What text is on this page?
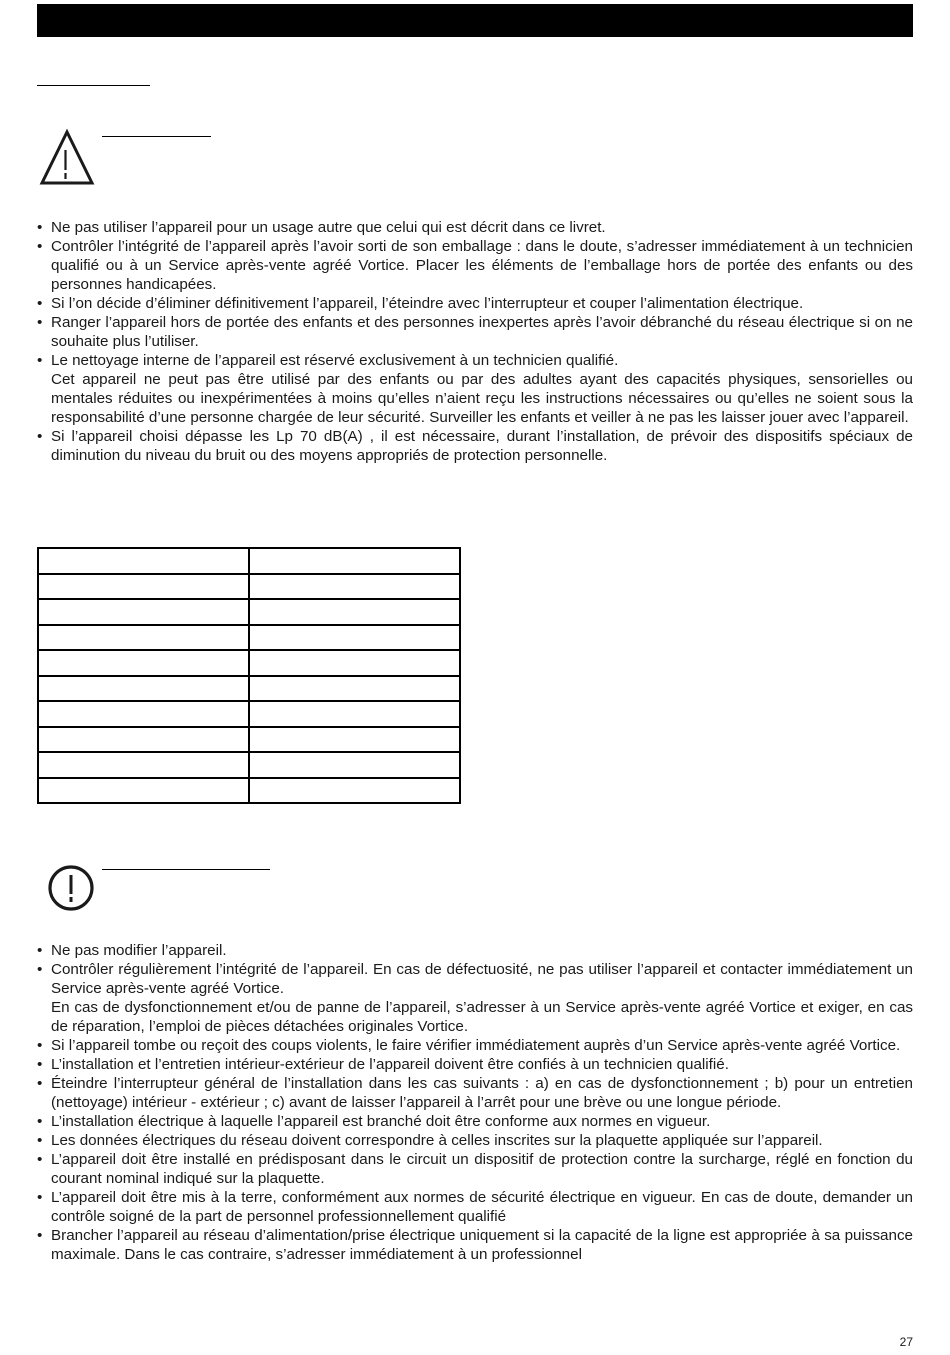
• Ne pas utiliser l’appareil pour un usage autre que celui qui est décrit dans ce livret.
• Contrôler l’intégrité de l’appareil après l’avoir sorti de son emballage : dans le doute, s’adresser immédiatement à un technicien qualifié ou à un Service après-vente agréé Vortice. Placer les éléments de l’emballage hors de portée des enfants ou des personnes handicapées.
• Si l’on décide d’éliminer définitivement l’appareil, l’éteindre avec l’interrupteur et couper l’alimentation électrique.
• Ranger l’appareil hors de portée des enfants et des personnes inexpertes après l’avoir débranché du réseau électrique si on ne souhaite plus l’utiliser.
• Le nettoyage interne de l’appareil est réservé exclusivement à un technicien qualifié.
Cet appareil ne peut pas être utilisé par des enfants ou par des adultes ayant des capacités physiques, sensorielles ou mentales réduites ou inexpérimentées à moins qu’elles n’aient reçu les instructions nécessaires ou qu’elles ne soient sous la responsabilité d’une personne chargée de leur sécurité. Surveiller les enfants et veiller à ne pas les laisser jouer avec l’appareil.
• Si l’appareil choisi dépasse les Lp 70 dB(A) , il est nécessaire, durant l’installation, de prévoir des dispositifs spéciaux de diminution du niveau du bruit ou des moyens appropriés de protection personnelle.

• Ne pas modifier l’appareil.
• Contrôler régulièrement l’intégrité de l’appareil. En cas de défectuosité, ne pas utiliser l’appareil et contacter immédiatement un Service après-vente agréé Vortice.
En cas de dysfonctionnement et/ou de panne de l’appareil, s’adresser à un Service après-vente agréé Vortice et exiger, en cas de réparation, l’emploi de pièces détachées originales Vortice.
• Si l’appareil tombe ou reçoit des coups violents, le faire vérifier immédiatement auprès d’un Service après-vente agréé Vortice.
• L’installation et l’entretien intérieur-extérieur de l’appareil doivent être confiés à un technicien qualifié.
• Éteindre l’interrupteur général de l’installation dans les cas suivants : a) en cas de dysfonctionnement ; b) pour un entretien (nettoyage) intérieur - extérieur ; c) avant de laisser l’appareil à l’arrêt pour une brève ou une longue période.
• L’installation électrique à laquelle l’appareil est branché doit être conforme aux normes en vigueur.
• Les données électriques du réseau doivent correspondre à celles inscrites sur la plaquette appliquée sur l’appareil.
• L’appareil doit être installé en prédisposant dans le circuit un dispositif de protection contre la surcharge, réglé en fonction du courant nominal indiqué sur la plaquette.
• L’appareil doit être mis à la terre, conformément aux normes de sécurité électrique en vigueur. En cas de doute, demander un contrôle soigné de la part de personnel professionnellement qualifié
• Brancher l’appareil au réseau d’alimentation/prise électrique uniquement si la capacité de la ligne est appropriée à sa puissance maximale. Dans le cas contraire, s’adresser immédiatement à un professionnel
27
